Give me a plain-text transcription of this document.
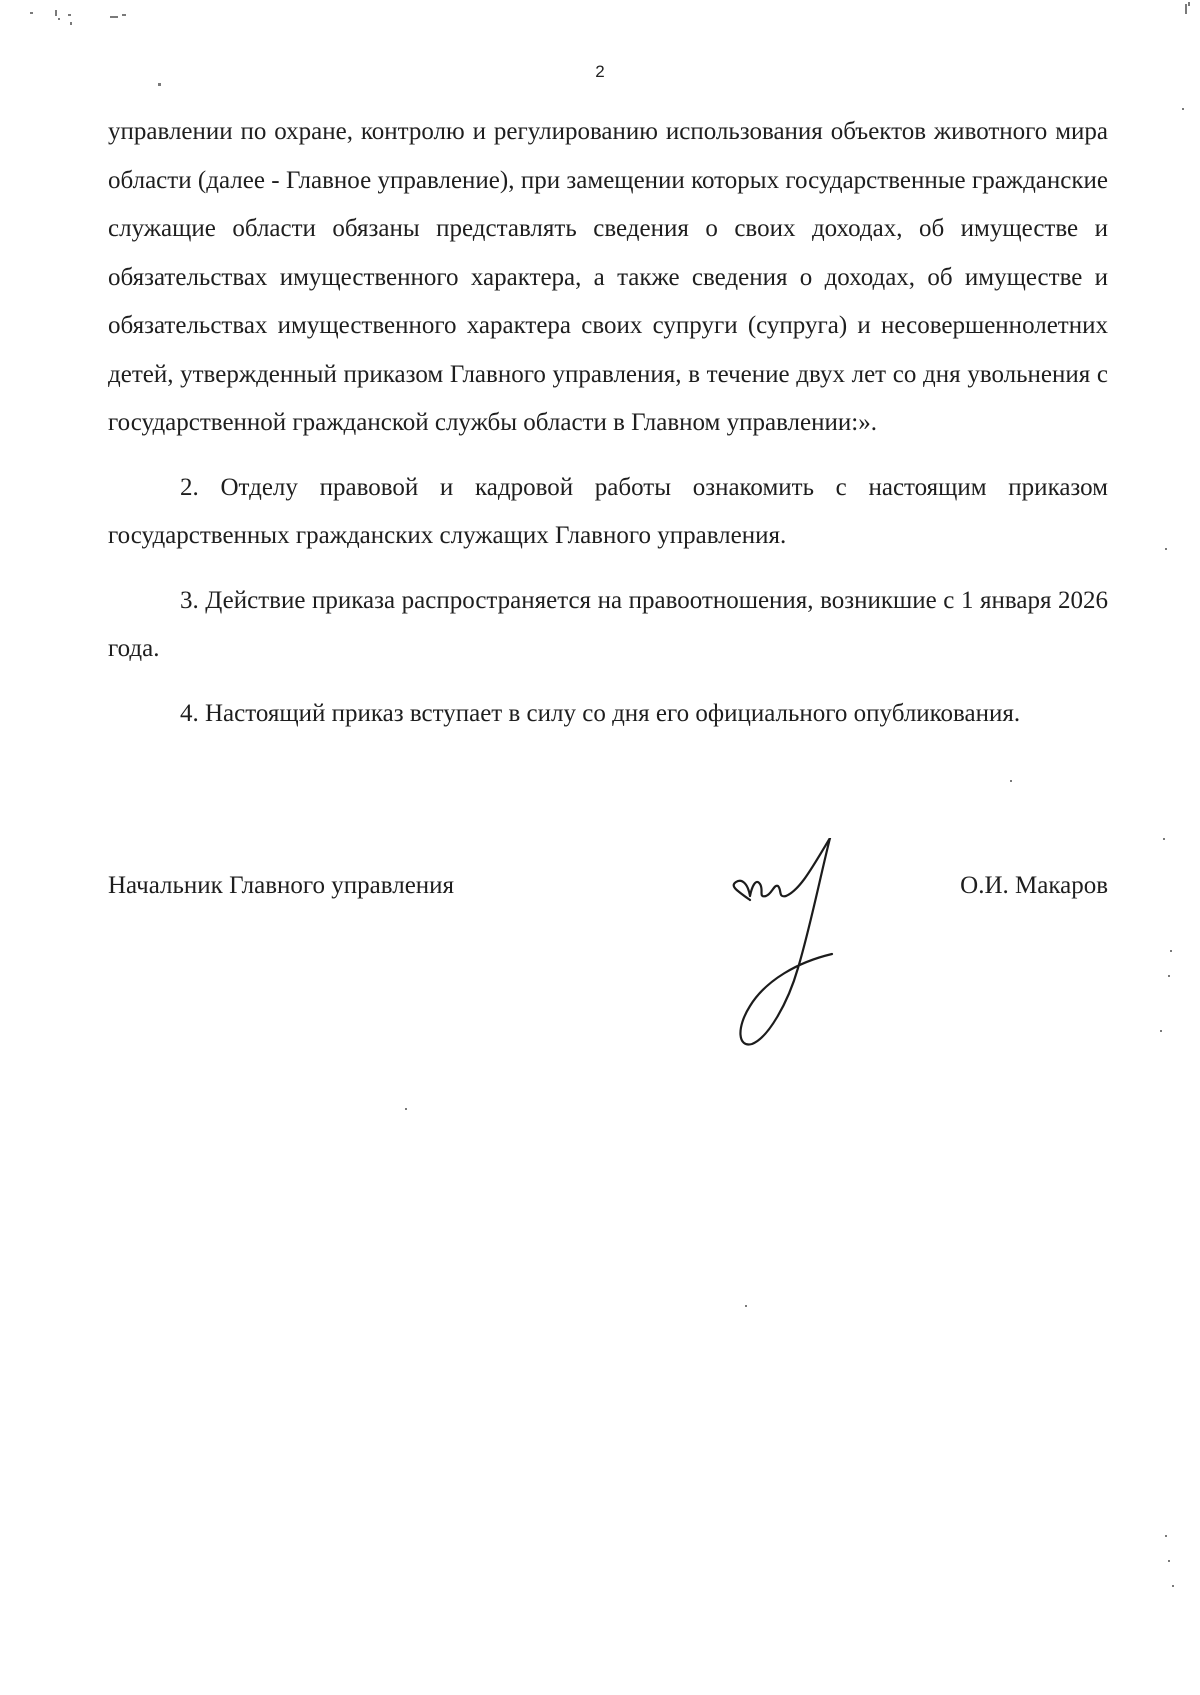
2

управлении по охране, контролю и регулированию использования объектов животного мира области (далее - Главное управление), при замещении которых государственные гражданские служащие области обязаны представлять сведения о своих доходах, об имуществе и обязательствах имущественного характера, а также сведения о доходах, об имуществе и обязательствах имущественного характера своих супруги (супруга) и несовершеннолетних детей, утвержденный приказом Главного управления, в течение двух лет со дня увольнения с государственной гражданской службы области в Главном управлении:».

2. Отделу правовой и кадровой работы ознакомить с настоящим приказом государственных гражданских служащих Главного управления.

3. Действие приказа распространяется на правоотношения, возникшие с 1 января 2026 года.

4. Настоящий приказ вступает в силу со дня его официального опубликования.

Начальник Главного управления	О.И. Макаров
